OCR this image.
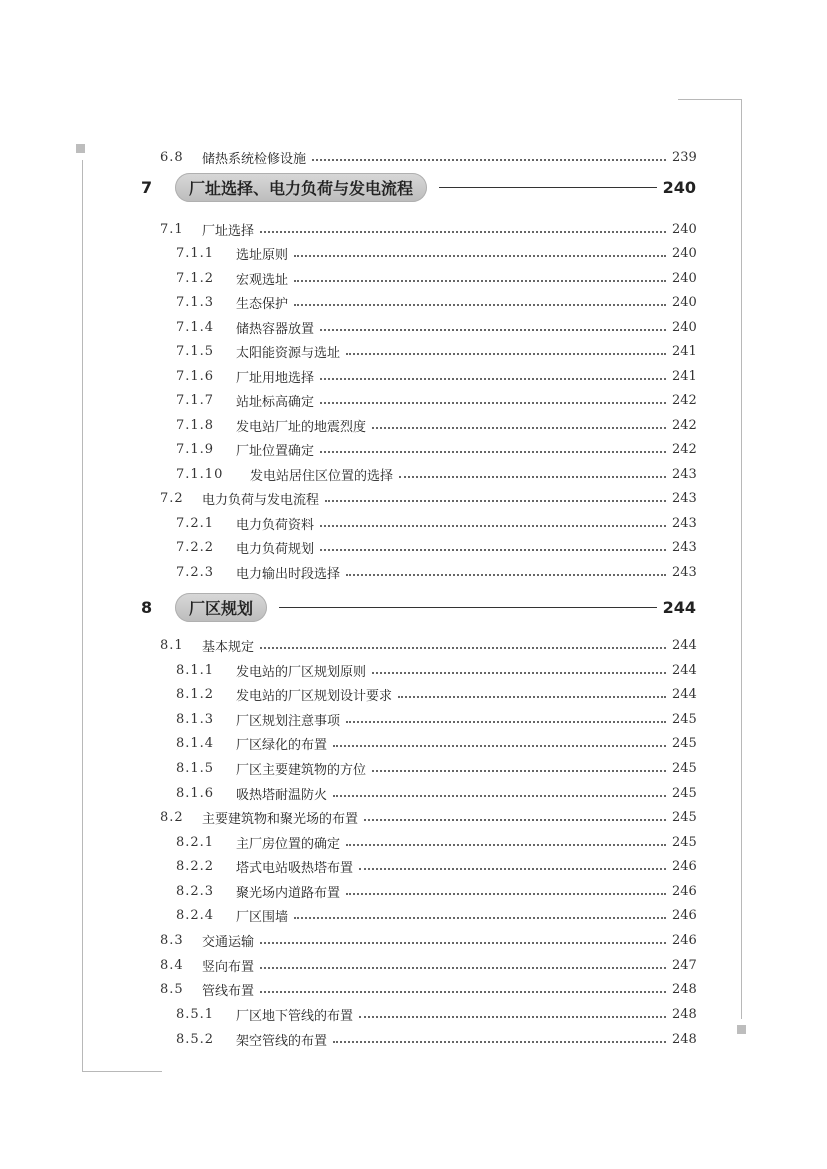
6.8	储热系统检修设施	239
7	厂址选择、电力负荷与发电流程	240
7.1	厂址选择	240
7.1.1	选址原则	240
7.1.2	宏观选址	240
7.1.3	生态保护	240
7.1.4	储热容器放置	240
7.1.5	太阳能资源与选址	241
7.1.6	厂址用地选择	241
7.1.7	站址标高确定	242
7.1.8	发电站厂址的地震烈度	242
7.1.9	厂址位置确定	242
7.1.10	发电站居住区位置的选择	243
7.2	电力负荷与发电流程	243
7.2.1	电力负荷资料	243
7.2.2	电力负荷规划	243
7.2.3	电力输出时段选择	243
8	厂区规划	244
8.1	基本规定	244
8.1.1	发电站的厂区规划原则	244
8.1.2	发电站的厂区规划设计要求	244
8.1.3	厂区规划注意事项	245
8.1.4	厂区绿化的布置	245
8.1.5	厂区主要建筑物的方位	245
8.1.6	吸热塔耐温防火	245
8.2	主要建筑物和聚光场的布置	245
8.2.1	主厂房位置的确定	245
8.2.2	塔式电站吸热塔布置	246
8.2.3	聚光场内道路布置	246
8.2.4	厂区围墙	246
8.3	交通运输	246
8.4	竖向布置	247
8.5	管线布置	248
8.5.1	厂区地下管线的布置	248
8.5.2	架空管线的布置	248
